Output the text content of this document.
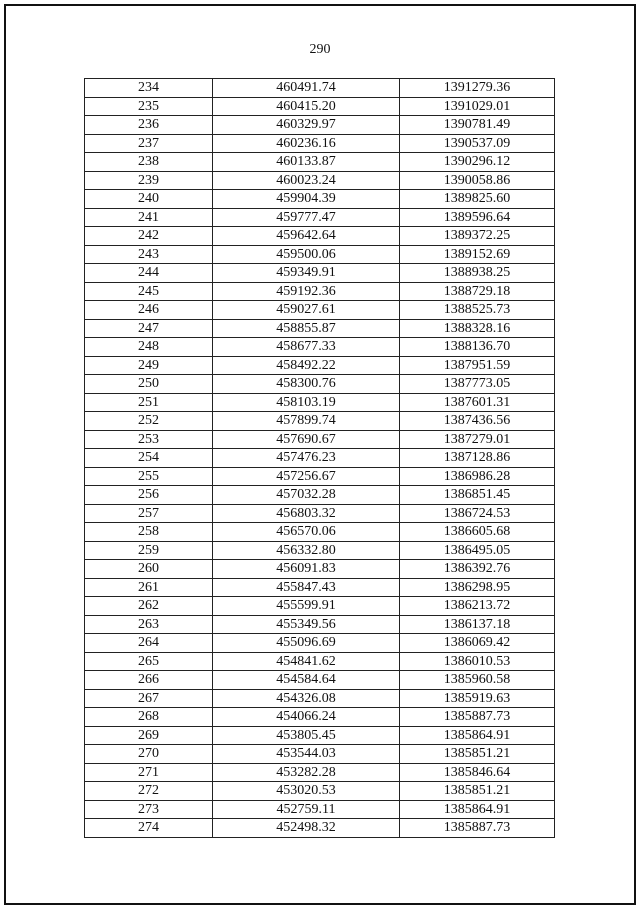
290
234	460491.74	1391279.36
235	460415.20	1391029.01
236	460329.97	1390781.49
237	460236.16	1390537.09
238	460133.87	1390296.12
239	460023.24	1390058.86
240	459904.39	1389825.60
241	459777.47	1389596.64
242	459642.64	1389372.25
243	459500.06	1389152.69
244	459349.91	1388938.25
245	459192.36	1388729.18
246	459027.61	1388525.73
247	458855.87	1388328.16
248	458677.33	1388136.70
249	458492.22	1387951.59
250	458300.76	1387773.05
251	458103.19	1387601.31
252	457899.74	1387436.56
253	457690.67	1387279.01
254	457476.23	1387128.86
255	457256.67	1386986.28
256	457032.28	1386851.45
257	456803.32	1386724.53
258	456570.06	1386605.68
259	456332.80	1386495.05
260	456091.83	1386392.76
261	455847.43	1386298.95
262	455599.91	1386213.72
263	455349.56	1386137.18
264	455096.69	1386069.42
265	454841.62	1386010.53
266	454584.64	1385960.58
267	454326.08	1385919.63
268	454066.24	1385887.73
269	453805.45	1385864.91
270	453544.03	1385851.21
271	453282.28	1385846.64
272	453020.53	1385851.21
273	452759.11	1385864.91
274	452498.32	1385887.73
